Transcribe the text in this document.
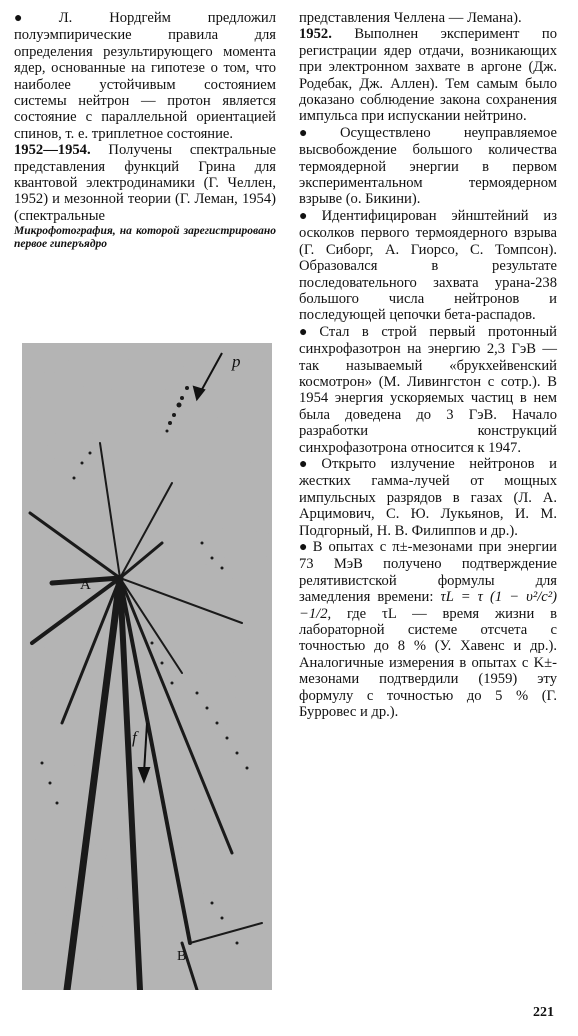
● Л. Нордгейм предложил полуэмпирические правила для определения результирующего момента ядер, основанные на гипотезе о том, что наиболее устойчивым состоянием системы нейтрон — протон является состояние с параллельной ориентацией спинов, т. е. триплетное состояние.

1952—1954. Получены спектральные представления функций Грина для квантовой электродинамики (Г. Челлен, 1952) и мезонной теории (Г. Леман, 1954) (спектральные

Микрофотография, на которой зарегистрировано первое гиперъядро
p
A
f
B

представления Челлена — Лемана).

1952. Выполнен эксперимент по регистрации ядер отдачи, возникающих при электронном захвате в аргоне (Дж. Родебак, Дж. Аллен). Тем самым было доказано соблюдение закона сохранения импульса при испускании нейтрино.

● Осуществлено неуправляемое высвобождение большого количества термоядерной энергии в первом экспериментальном термоядерном взрыве (о. Бикини).

● Идентифицирован эйнштейний из осколков первого термоядерного взрыва (Г. Сиборг, А. Гиорсо, С. Томпсон). Образовался в результате последовательного захвата урана-238 большого числа нейтронов и последующей цепочки бета-распадов.

● Стал в строй первый протонный синхрофазотрон на энергию 2,3 ГэВ — так называемый «брукхейвенский космотрон» (М. Ливингстон с сотр.). В 1954 энергия ускоряемых частиц в нем была доведена до 3 ГэВ. Начало разработки конструкций синхрофазотрона относится к 1947.

● Открыто излучение нейтронов и жестких гамма-лучей от мощных импульсных разрядов в газах (Л. А. Арцимович, С. Ю. Лукьянов, И. М. Подгорный, Н. В. Филиппов и др.).

● В опытах с π±-мезонами при энергии 73 МэВ получено подтверждение релятивистской формулы для замедления времени: τL = τ (1 − υ²/c²)−1/2, где τL — время жизни в лабораторной системе отсчета с точностью до 8 % (У. Хавенс и др.). Аналогичные измерения в опытах с K±-мезонами подтвердили (1959) эту формулу с точностью до 5 % (Г. Бурровес и др.).

221
